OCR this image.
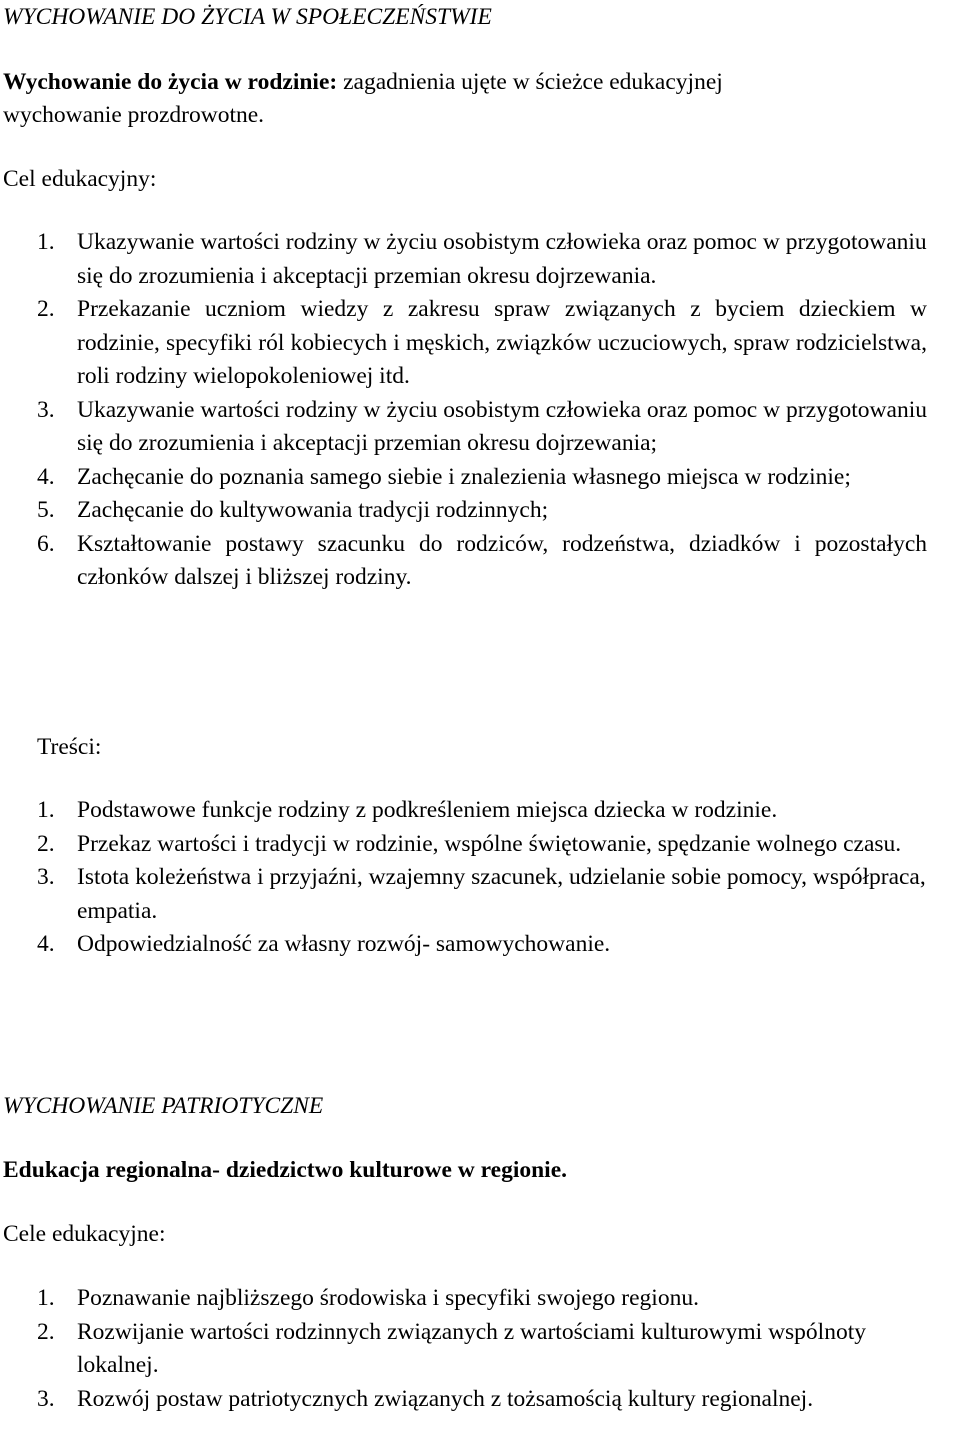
WYCHOWANIE DO ŻYCIA W SPOŁECZEŃSTWIE
Wychowanie do życia w rodzinie: zagadnienia ujęte w ścieżce edukacyjnej
wychowanie prozdrowotne.
Cel edukacyjny:
1. Ukazywanie wartości rodziny w życiu osobistym człowieka oraz pomoc w przygotowaniu się do zrozumienia i akceptacji przemian okresu dojrzewania.
2. Przekazanie uczniom wiedzy z zakresu spraw związanych z byciem dzieckiem w rodzinie, specyfiki ról kobiecych i męskich, związków uczuciowych, spraw rodzicielstwa, roli rodziny wielopokoleniowej itd.
3. Ukazywanie wartości rodziny w życiu osobistym człowieka oraz pomoc w przygotowaniu się do zrozumienia i akceptacji przemian okresu dojrzewania;
4. Zachęcanie do poznania samego siebie i znalezienia własnego miejsca w rodzinie;
5. Zachęcanie do kultywowania tradycji rodzinnych;
6. Kształtowanie postawy szacunku do rodziców, rodzeństwa, dziadków i pozostałych członków dalszej i bliższej rodziny.
Treści:
1. Podstawowe funkcje rodziny z podkreśleniem miejsca dziecka w rodzinie.
2. Przekaz wartości i tradycji w rodzinie, wspólne świętowanie, spędzanie wolnego czasu.
3. Istota koleżeństwa i przyjaźni, wzajemny szacunek, udzielanie sobie pomocy, współpraca, empatia.
4. Odpowiedzialność za własny rozwój- samowychowanie.
WYCHOWANIE PATRIOTYCZNE
Edukacja regionalna- dziedzictwo kulturowe w regionie.
Cele edukacyjne:
1. Poznawanie najbliższego środowiska i specyfiki swojego regionu.
2. Rozwijanie wartości rodzinnych związanych z wartościami kulturowymi wspólnoty lokalnej.
3. Rozwój postaw patriotycznych związanych z tożsamością kultury regionalnej.
